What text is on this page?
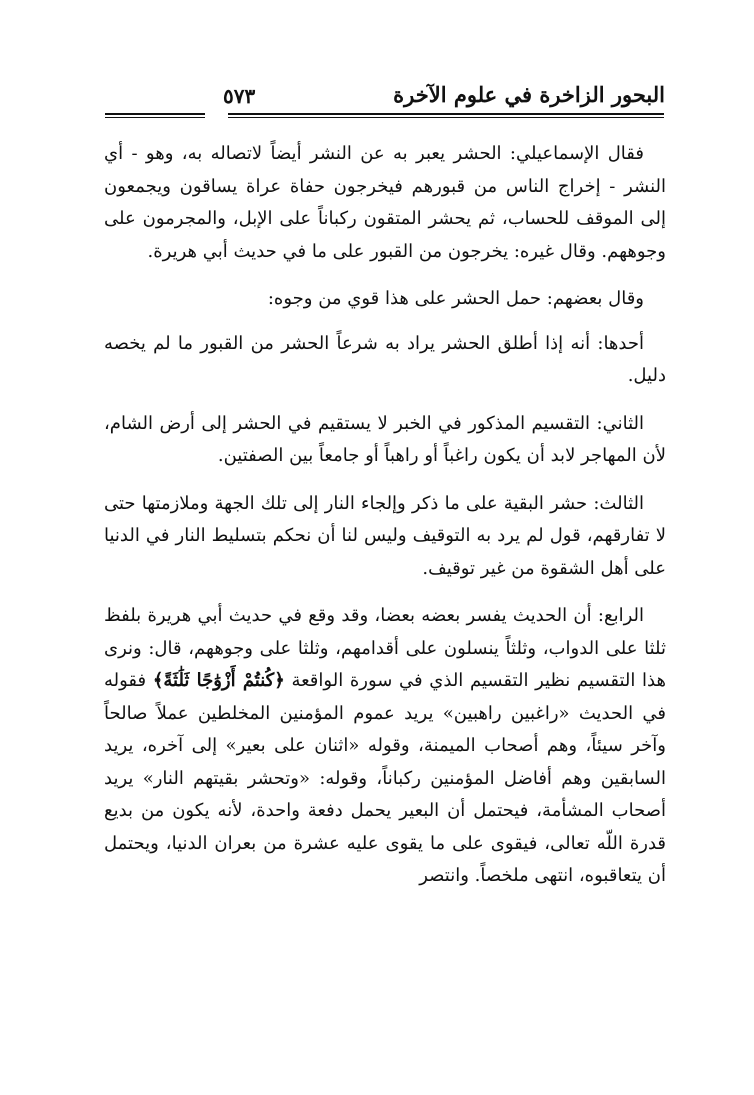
البحور الزاخرة في علوم الآخرة
٥٧٣

فقال الإسماعيلي: الحشر يعبر به عن النشر أيضاً لاتصاله به، وهو - أي النشر - إخراج الناس من قبورهم فيخرجون حفاة عراة يساقون ويجمعون إلى الموقف للحساب، ثم يحشر المتقون ركباناً على الإبل، والمجرمون على وجوههم. وقال غيره: يخرجون من القبور على ما في حديث أبي هريرة.

وقال بعضهم: حمل الحشر على هذا قوي من وجوه:

أحدها: أنه إذا أطلق الحشر يراد به شرعاً الحشر من القبور ما لم يخصه دليل.

الثاني: التقسيم المذكور في الخبر لا يستقيم في الحشر إلى أرض الشام، لأن المهاجر لابد أن يكون راغباً أو راهباً أو جامعاً بين الصفتين.

الثالث: حشر البقية على ما ذكر وإلجاء النار إلى تلك الجهة وملازمتها حتى لا تفارقهم، قول لم يرد به التوقيف وليس لنا أن نحكم بتسليط النار في الدنيا على أهل الشقوة من غير توقيف.

الرابع: أن الحديث يفسر بعضه بعضا، وقد وقع في حديث أبي هريرة بلفظ ثلثا على الدواب، وثلثاً ينسلون على أقدامهم، وثلثا على وجوههم، قال: ونرى هذا التقسيم نظير التقسيم الذي في سورة الواقعة ﴿كُنتُمْ أَزْوَٰجًا ثَلَٰثَةً﴾ فقوله في الحديث «راغبين راهبين» يريد عموم المؤمنين المخلطين عملاً صالحاً وآخر سيئاً، وهم أصحاب الميمنة، وقوله «اثنان على بعير» إلى آخره، يريد السابقين وهم أفاضل المؤمنين ركباناً، وقوله: «وتحشر بقيتهم النار» يريد أصحاب المشأمة، فيحتمل أن البعير يحمل دفعة واحدة، لأنه يكون من بديع قدرة اللّه تعالى، فيقوى على ما يقوى عليه عشرة من بعران الدنيا، ويحتمل أن يتعاقبوه، انتهى ملخصاً. وانتصر
